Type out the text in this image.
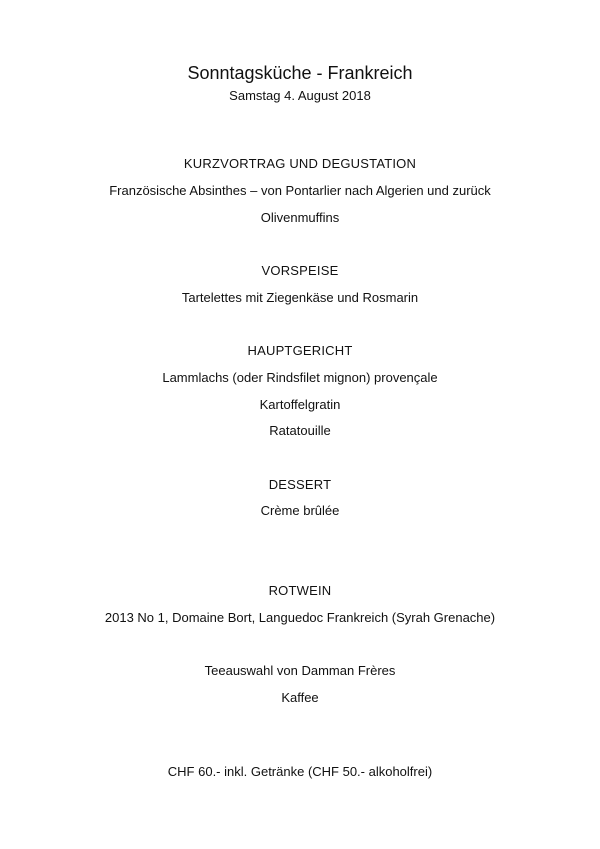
Sonntagsküche - Frankreich
Samstag 4. August 2018
KURZVORTRAG UND DEGUSTATION
Französische Absinthes – von Pontarlier nach Algerien und zurück
Olivenmuffins
VORSPEISE
Tartelettes mit Ziegenkäse und Rosmarin
HAUPTGERICHT
Lammlachs (oder Rindsfilet mignon) provençale
Kartoffelgratin
Ratatouille
DESSERT
Crème brûlée
ROTWEIN
2013 No 1, Domaine Bort, Languedoc Frankreich (Syrah Grenache)
Teeauswahl von Damman Frères
Kaffee
CHF 60.- inkl. Getränke (CHF 50.- alkoholfrei)
